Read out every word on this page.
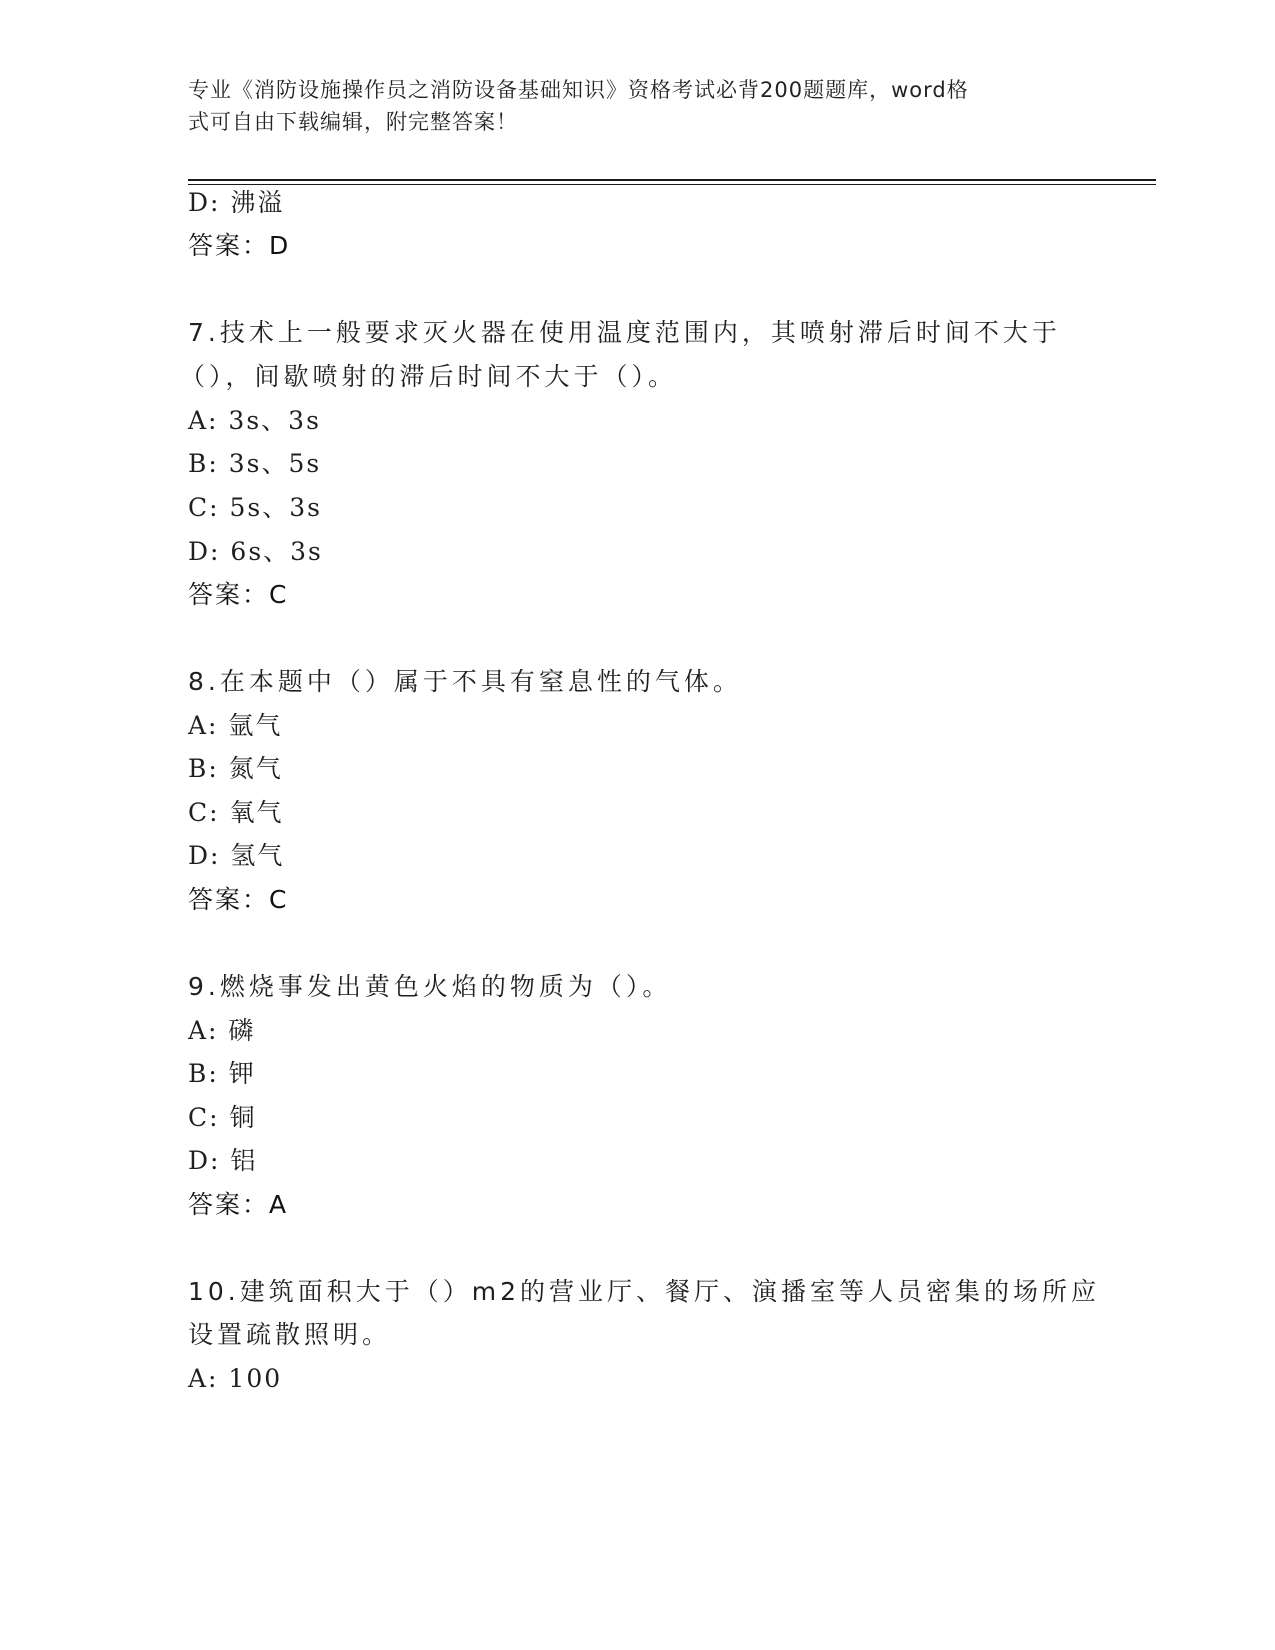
专业《消防设施操作员之消防设备基础知识》资格考试必背200题题库，word格
式可自由下载编辑，附完整答案！
D: 沸溢
答案：D
7.技术上一般要求灭火器在使用温度范围内，其喷射滞后时间不大于
（），间歇喷射的滞后时间不大于（）。
A: 3s、3s
B: 3s、5s
C: 5s、3s
D: 6s、3s
答案：C
8.在本题中（）属于不具有窒息性的气体。
A: 氩气
B: 氮气
C: 氧气
D: 氢气
答案：C
9.燃烧事发出黄色火焰的物质为（）。
A: 磷
B: 钾
C: 铜
D: 铝
答案：A
10.建筑面积大于（）m2的营业厅、餐厅、演播室等人员密集的场所应
设置疏散照明。
A: 100
